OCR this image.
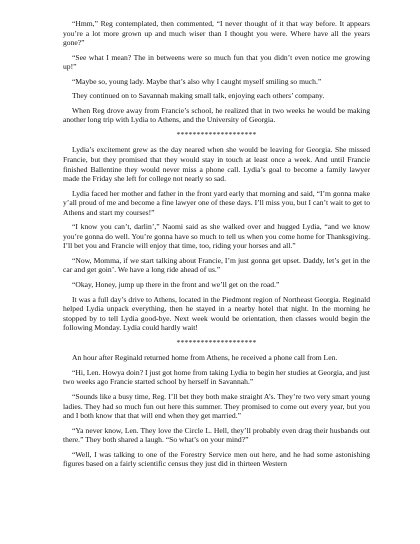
“Hmm,” Reg contemplated, then commented, “I never thought of it that way before. It appears you’re a lot more grown up and much wiser than I thought you were. Where have all the years gone?”

“See what I mean? The in betweens were so much fun that you didn’t even notice me growing up!”

“Maybe so, young lady. Maybe that’s also why I caught myself smiling so much.”

They continued on to Savannah making small talk, enjoying each others’ company.

When Reg drove away from Francie’s school, he realized that in two weeks he would be making another long trip with Lydia to Athens, and the University of Georgia.

********************

Lydia’s excitement grew as the day neared when she would be leaving for Georgia. She missed Francie, but they promised that they would stay in touch at least once a week. And until Francie finished Ballentine they would never miss a phone call. Lydia’s goal to become a family lawyer made the Friday she left for college not nearly so sad.

Lydia faced her mother and father in the front yard early that morning and said, “I’m gonna make y’all proud of me and become a fine lawyer one of these days. I’ll miss you, but I can’t wait to get to Athens and start my courses!”

“I know you can’t, darlin’,” Naomi said as she walked over and hugged Lydia, “and we know you’re gonna do well. You’re gonna have so much to tell us when you come home for Thanksgiving. I’ll bet you and Francie will enjoy that time, too, riding your horses and all.”

“Now, Momma, if we start talking about Francie, I’m just gonna get upset. Daddy, let’s get in the car and get goin’. We have a long ride ahead of us.”

“Okay, Honey, jump up there in the front and we’ll get on the road.”

It was a full day’s drive to Athens, located in the Piedmont region of Northeast Georgia. Reginald helped Lydia unpack everything, then he stayed in a nearby hotel that night. In the morning he stopped by to tell Lydia good-bye. Next week would be orientation, then classes would begin the following Monday. Lydia could hardly wait!

********************

An hour after Reginald returned home from Athens, he received a phone call from Len.

“Hi, Len. Howya doin? I just got home from taking Lydia to begin her studies at Georgia, and just two weeks ago Francie started school by herself in Savannah.”

“Sounds like a busy time, Reg. I’ll bet they both make straight A’s. They’re two very smart young ladies. They had so much fun out here this summer. They promised to come out every year, but you and I both know that that will end when they get married.”

“Ya never know, Len. They love the Circle L. Hell, they’ll probably even drag their husbands out there.” They both shared a laugh. “So what’s on your mind?”

“Well, I was talking to one of the Forestry Service men out here, and he had some astonishing figures based on a fairly scientific census they just did in thirteen Western
